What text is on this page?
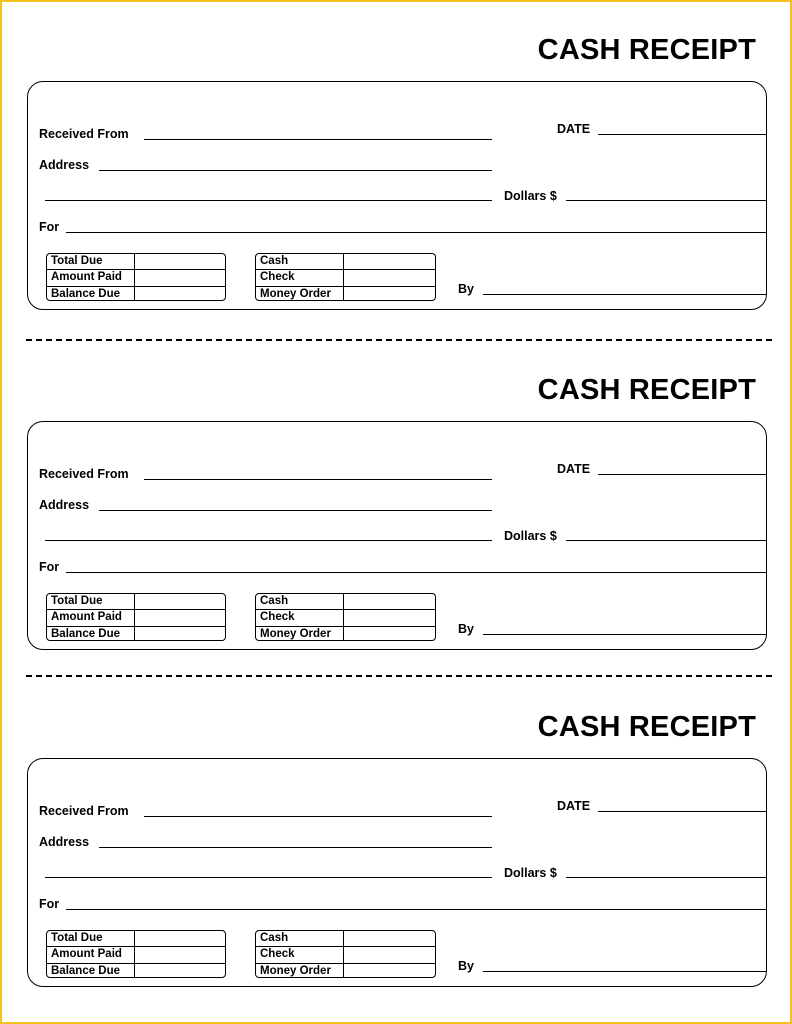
CASH RECEIPT
Received From	DATE
Address
Dollars $
For
Total Due
Amount Paid
Balance Due
Cash
Check
Money Order	By
CASH RECEIPT
Received From	DATE
Address
Dollars $
For
Total Due
Amount Paid
Balance Due
Cash
Check
Money Order	By
CASH RECEIPT
Received From	DATE
Address
Dollars $
For
Total Due
Amount Paid
Balance Due
Cash
Check
Money Order	By
